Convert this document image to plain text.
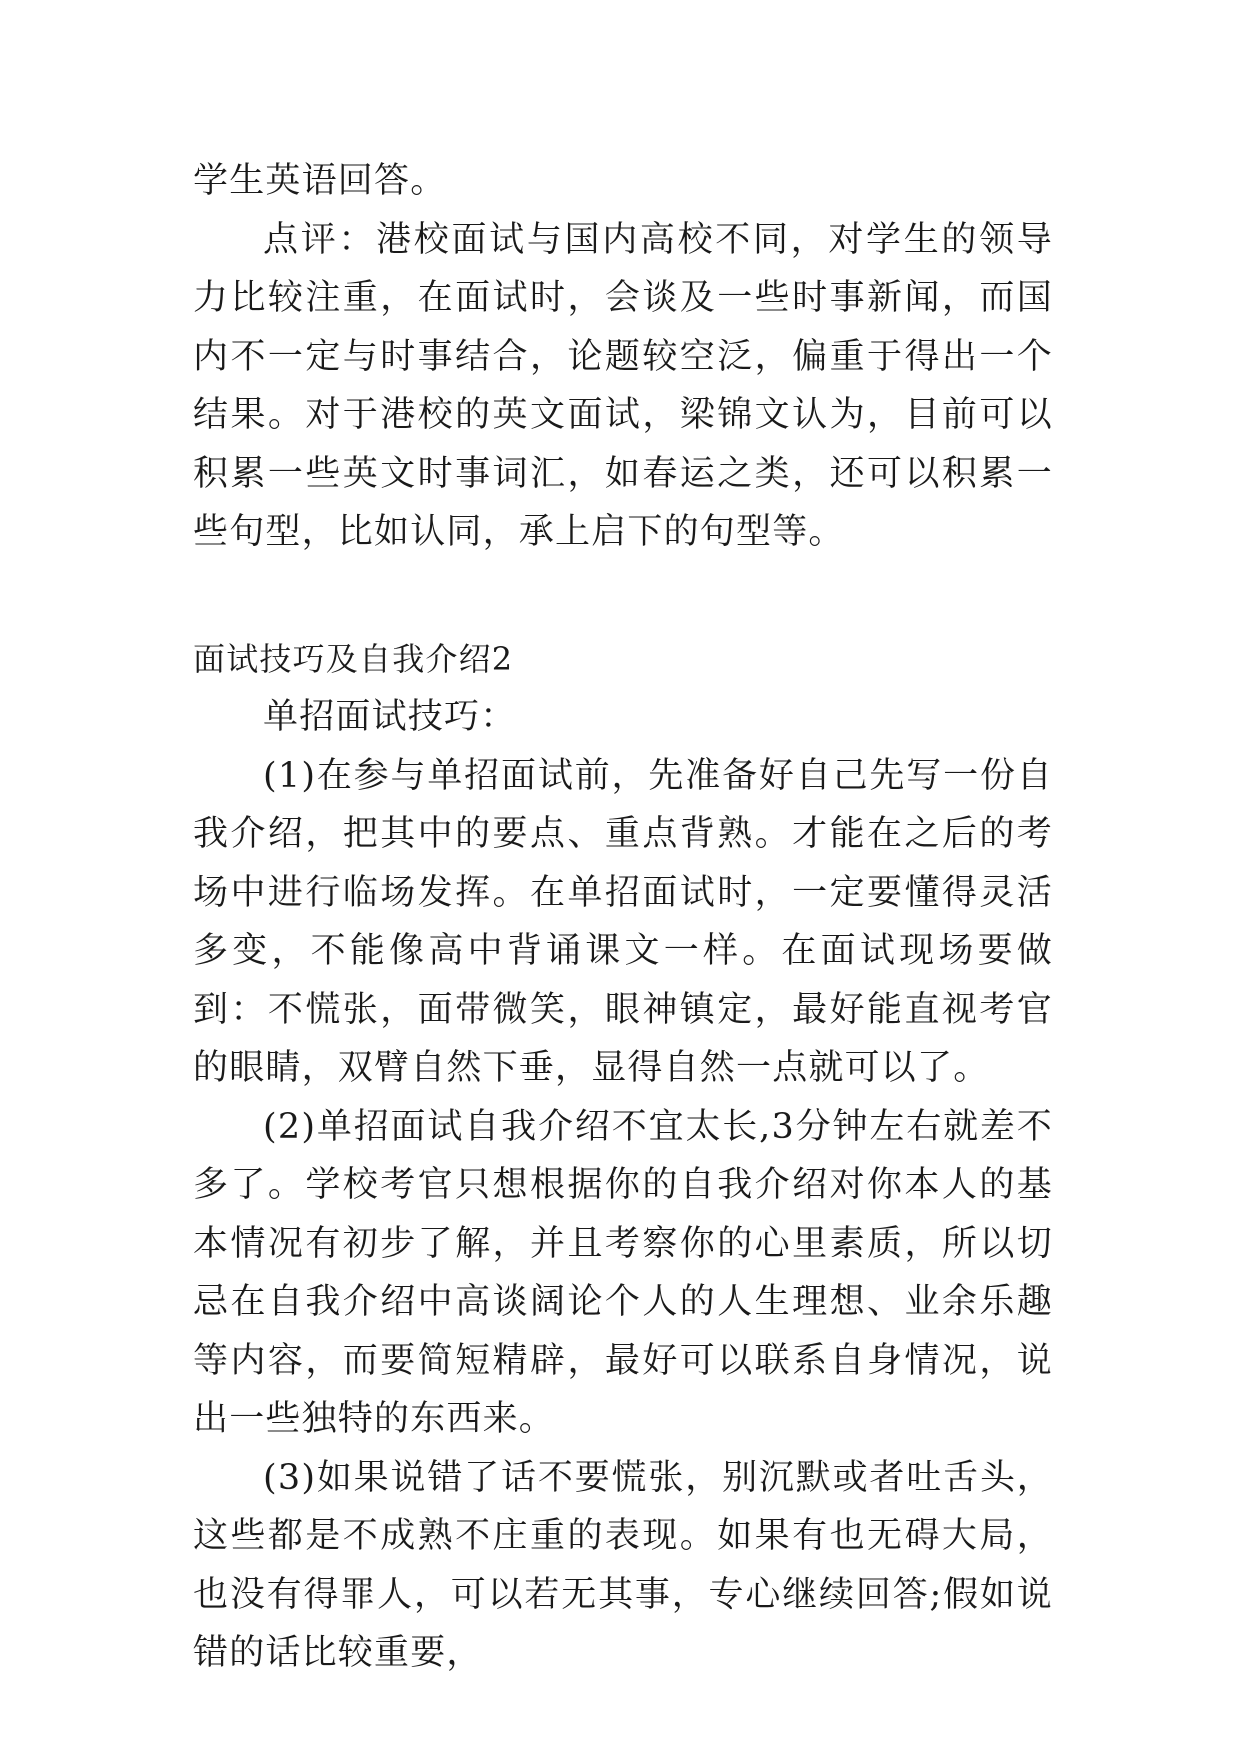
学生英语回答。

点评：港校面试与国内高校不同，对学生的领导力比较注重，在面试时，会谈及一些时事新闻，而国内不一定与时事结合，论题较空泛，偏重于得出一个结果。对于港校的英文面试，梁锦文认为，目前可以积累一些英文时事词汇，如春运之类，还可以积累一些句型，比如认同，承上启下的句型等。

面试技巧及自我介绍2

单招面试技巧：

(1)在参与单招面试前，先准备好自己先写一份自我介绍，把其中的要点、重点背熟。才能在之后的考场中进行临场发挥。在单招面试时，一定要懂得灵活多变，不能像高中背诵课文一样。在面试现场要做到：不慌张，面带微笑，眼神镇定，最好能直视考官的眼睛，双臂自然下垂，显得自然一点就可以了。

(2)单招面试自我介绍不宜太长,3分钟左右就差不多了。学校考官只想根据你的自我介绍对你本人的基本情况有初步了解，并且考察你的心里素质，所以切忌在自我介绍中高谈阔论个人的人生理想、业余乐趣等内容，而要简短精辟，最好可以联系自身情况，说出一些独特的东西来。

(3)如果说错了话不要慌张，别沉默或者吐舌头，这些都是不成熟不庄重的表现。如果有也无碍大局，也没有得罪人，可以若无其事，专心继续回答;假如说错的话比较重要，
